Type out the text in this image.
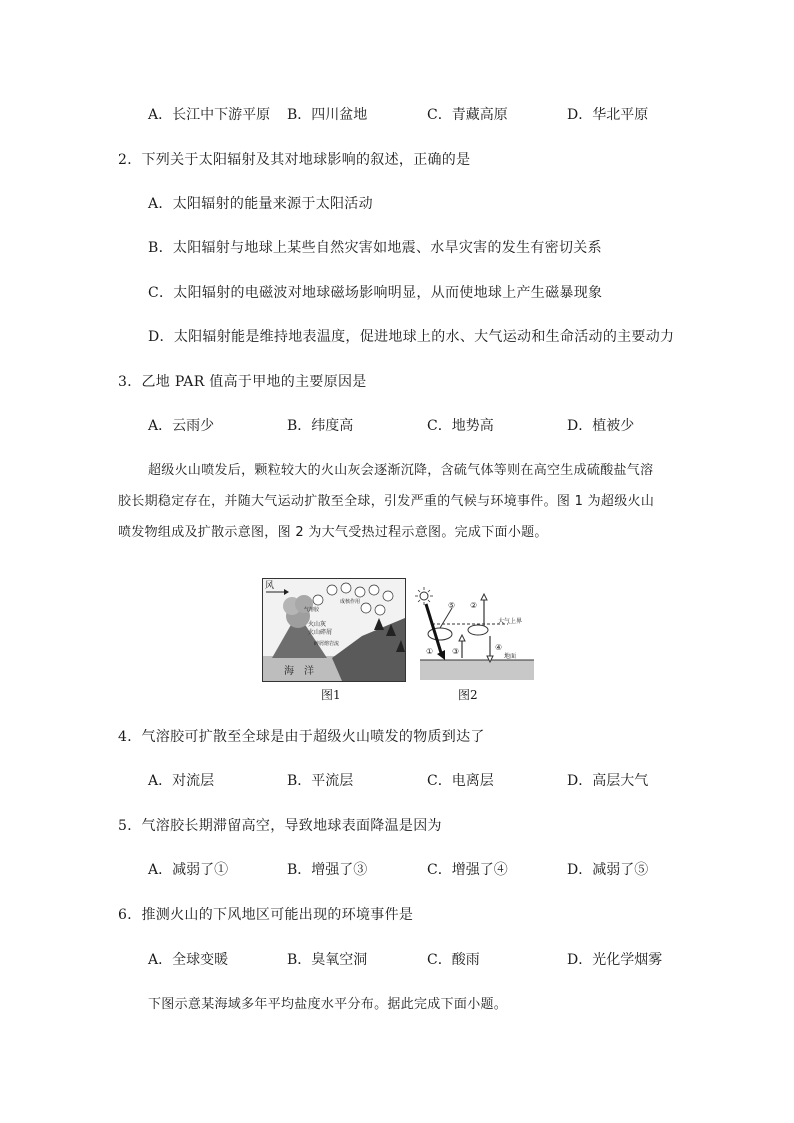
A．长江中下游平原 B．四川盆地	C．青藏高原	D．华北平原
2．下列关于太阳辐射及其对地球影响的叙述，正确的是
A．太阳辐射的能量来源于太阳活动
B．太阳辐射与地球上某些自然灾害如地震、水旱灾害的发生有密切关系
C．太阳辐射的电磁波对地球磁场影响明显，从而使地球上产生磁暴现象
D．太阳辐射能是维持地表温度，促进地球上的水、大气运动和生命活动的主要动力
3．乙地 PAR 值高于甲地的主要原因是
A．云雨少	B．纬度高	C．地势高	D．植被少
超级火山喷发后，颗粒较大的火山灰会逐渐沉降，含硫气体等则在高空生成硫酸盐气溶
胶长期稳定存在，并随大气运动扩散至全球，引发严重的气候与环境事件。图 1 为超级火山
喷发物组成及扩散示意图，图 2 为大气受热过程示意图。完成下面小题。
风
火山灰
火山碎屑
碎屑熔岩流
气溶胶
成核作用
海　洋
⑤ ②
① ③	④
大气上界
地面
图1	图2
4．气溶胶可扩散至全球是由于超级火山喷发的物质到达了
A．对流层	B．平流层	C．电离层	D．高层大气
5．气溶胶长期滞留高空，导致地球表面降温是因为
A．减弱了①	B．增强了③	C．增强了④	D．减弱了⑤
6．推测火山的下风地区可能出现的环境事件是
A．全球变暖	B．臭氧空洞	C．酸雨	D．光化学烟雾
下图示意某海域多年平均盐度水平分布。据此完成下面小题。
